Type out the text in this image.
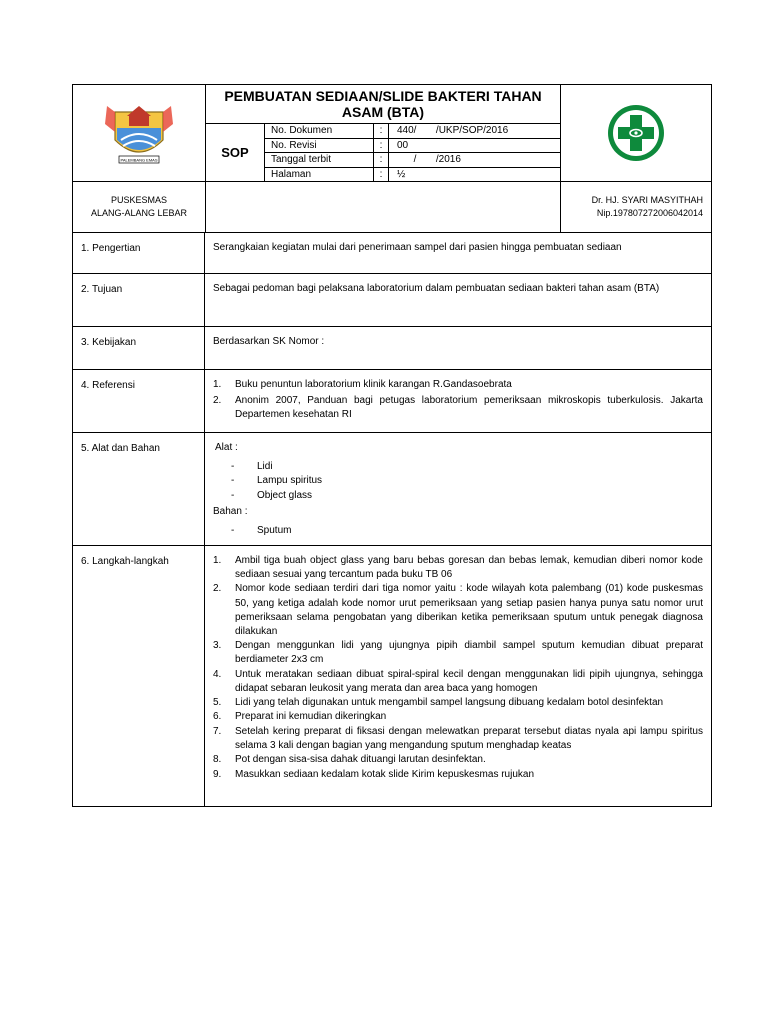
PALEMBANG EMAS
PEMBUATAN SEDIAAN/SLIDE BAKTERI TAHAN ASAM (BTA)
SOP
No. Dokumen	:	440/       /UKP/SOP/2016
No. Revisi	:	00
Tanggal terbit	:	/       /2016
Halaman	:	½
PUSKESMAS
ALANG-ALANG LEBAR
Dr. HJ. SYARI MASYITHAH
Nip.197807272006042014
1. Pengertian	Serangkaian kegiatan mulai dari penerimaan sampel dari pasien hingga pembuatan sediaan
2. Tujuan	Sebagai pedoman bagi pelaksana laboratorium dalam pembuatan sediaan bakteri tahan asam (BTA)
3. Kebijakan	Berdasarkan SK Nomor :
4. Referensi	1.	Buku penuntun laboratorium klinik karangan R.Gandasoebrata
2.	Anonim 2007, Panduan bagi petugas laboratorium pemeriksaan mikroskopis tuberkulosis. Jakarta Departemen kesehatan RI
5. Alat dan Bahan	Alat :
-	Lidi
-	Lampu spiritus
-	Object glass
Bahan :
-	Sputum
6. Langkah-langkah	1.	Ambil tiga buah object glass yang baru bebas goresan dan bebas lemak, kemudian diberi nomor kode sediaan sesuai yang tercantum pada buku TB 06
2.	Nomor kode sediaan terdiri dari tiga nomor yaitu : kode wilayah kota palembang (01) kode puskesmas 50, yang ketiga adalah kode nomor urut pemeriksaan yang setiap pasien hanya punya satu nomor urut pemeriksaan selama pengobatan yang diberikan ketika pemeriksaan sputum untuk penegak diagnosa dilakukan
3.	Dengan menggunkan lidi yang ujungnya pipih diambil sampel sputum kemudian dibuat preparat berdiameter 2x3 cm
4.	Untuk meratakan sediaan dibuat spiral-spiral kecil dengan menggunakan lidi pipih ujungnya, sehingga didapat sebaran leukosit yang merata dan area baca yang homogen
5.	Lidi yang telah digunakan untuk mengambil sampel langsung dibuang kedalam botol desinfektan
6.	Preparat ini kemudian dikeringkan
7.	Setelah kering preparat di fiksasi dengan melewatkan preparat tersebut diatas nyala api lampu spiritus selama 3 kali dengan bagian yang mengandung sputum menghadap keatas
8.	Pot dengan sisa-sisa dahak dituangi larutan desinfektan.
9.	Masukkan sediaan kedalam kotak slide Kirim kepuskesmas rujukan
